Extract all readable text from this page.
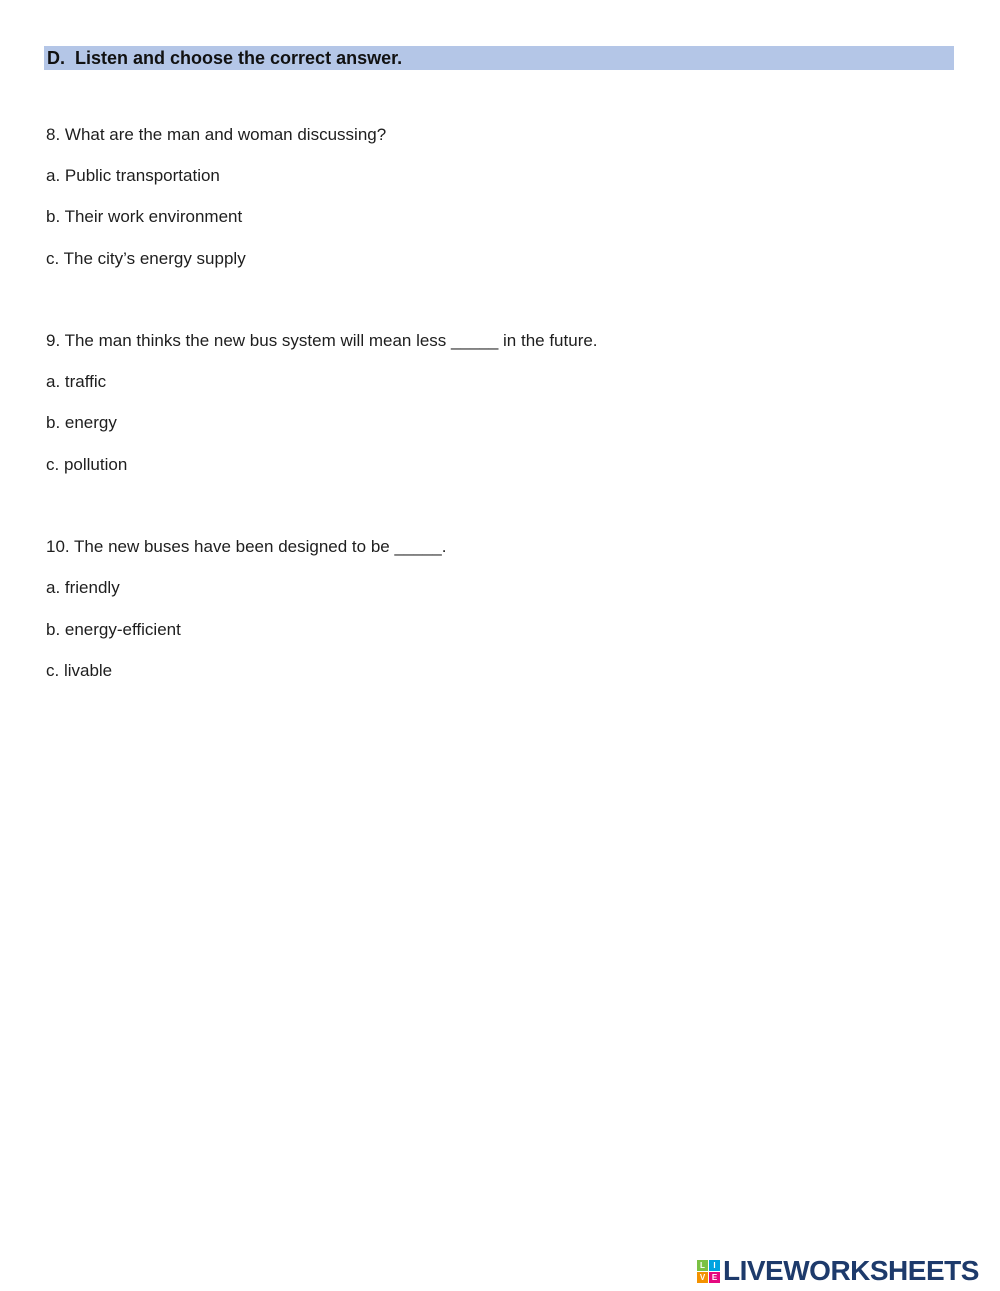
D.  Listen and choose the correct answer.
8. What are the man and woman discussing?
a. Public transportation
b. Their work environment
c. The city’s energy supply
9. The man thinks the new bus system will mean less _____ in the future.
a. traffic
b. energy
c. pollution
10. The new buses have been designed to be _____.
a. friendly
b. energy-efficient
c. livable
L	I
V E LIVEWORKSHEETS
